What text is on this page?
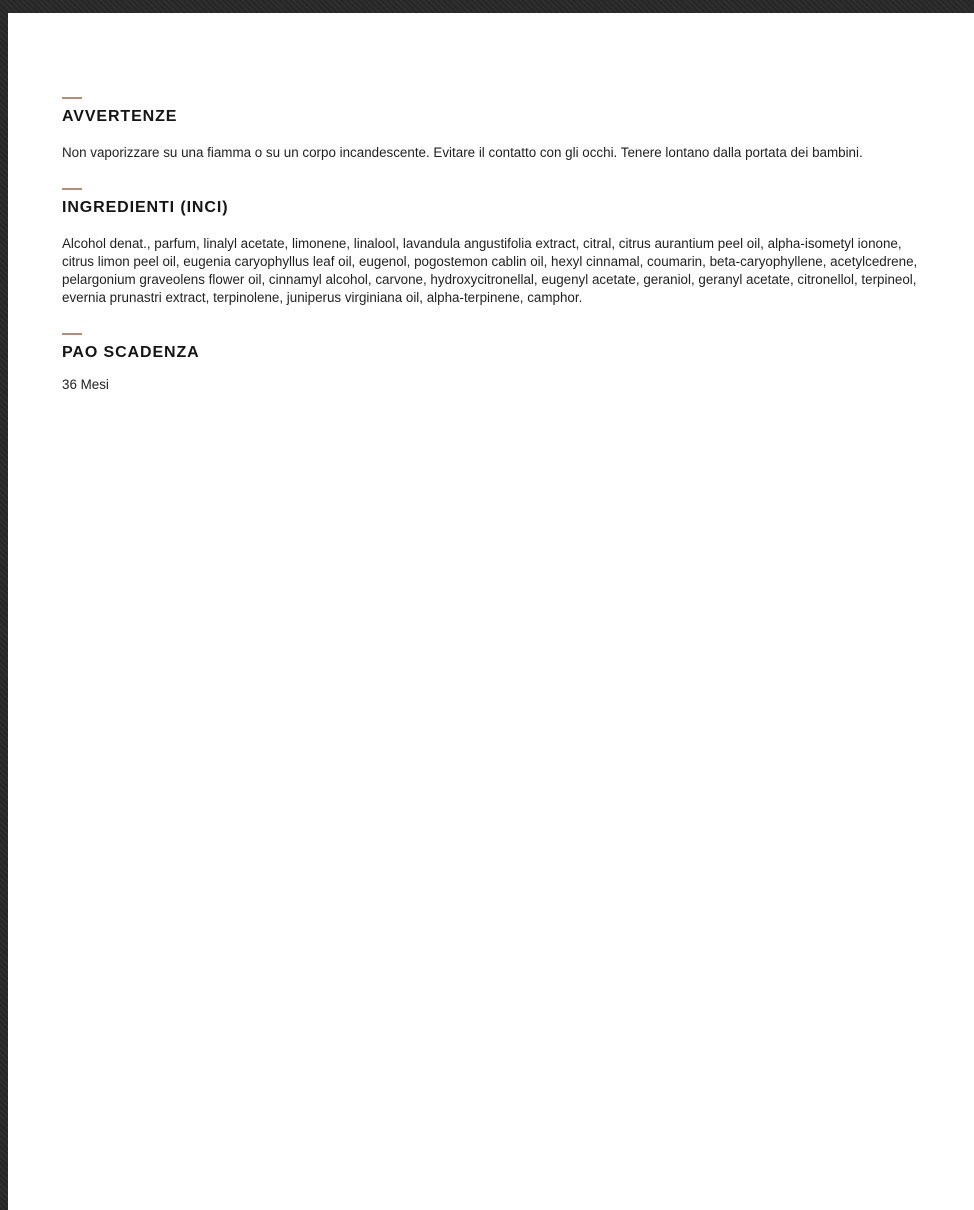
AVVERTENZE

Non vaporizzare su una fiamma o su un corpo incandescente. Evitare il contatto con gli occhi. Tenere lontano dalla portata dei bambini.

INGREDIENTI (INCI)

Alcohol denat., parfum, linalyl acetate, limonene, linalool, lavandula angustifolia extract, citral, citrus aurantium peel oil, alpha-isometyl ionone, citrus limon peel oil, eugenia caryophyllus leaf oil, eugenol, pogostemon cablin oil, hexyl cinnamal, coumarin, beta-caryophyllene, acetylcedrene, pelargonium graveolens flower oil, cinnamyl alcohol, carvone, hydroxycitronellal, eugenyl acetate, geraniol, geranyl acetate, citronellol, terpineol, evernia prunastri extract, terpinolene, juniperus virginiana oil, alpha-terpinene, camphor.

PAO SCADENZA

36 Mesi
